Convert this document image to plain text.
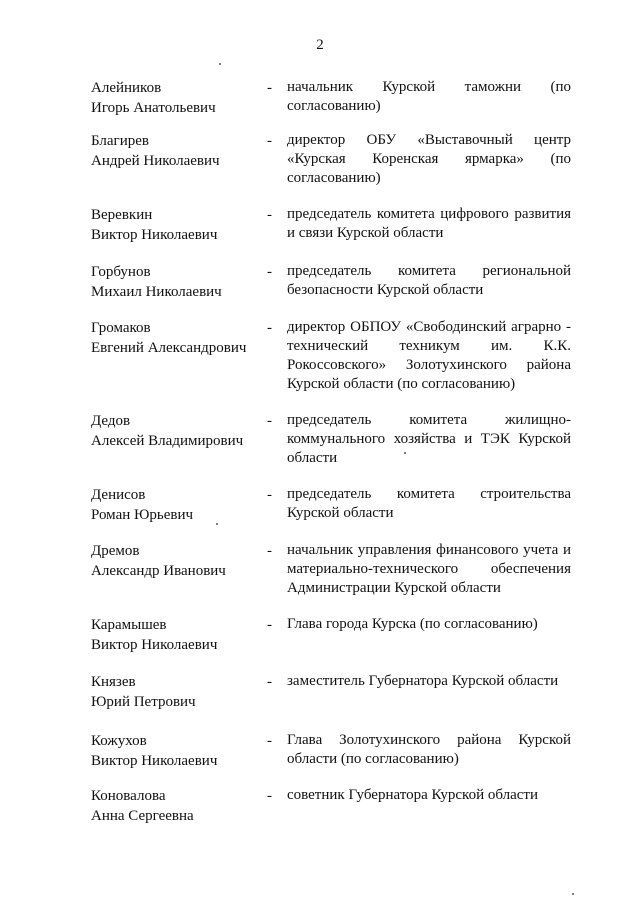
2
Алейников
Игорь Анатольевич
- начальник Курской таможни (по согласованию)
Благирев
Андрей Николаевич
- директор ОБУ «Выставочный центр «Курская Коренская ярмарка» (по согласованию)
Веревкин
Виктор Николаевич
- председатель комитета цифрового развития и связи Курской области
Горбунов
Михаил Николаевич
- председатель комитета региональной безопасности Курской области
Громаков
Евгений Александрович
- директор ОБПОУ «Свободинский аграрно - технический техникум им. К.К. Рокоссовского» Золотухинского района Курской области (по согласованию)
Дедов
Алексей Владимирович
- председатель комитета жилищно-коммунального хозяйства и ТЭК Курской области
Денисов
Роман Юрьевич
- председатель комитета строительства Курской области
Дремов
Александр Иванович
- начальник управления финансового учета и материально-технического обеспечения Администрации Курской области
Карамышев
Виктор Николаевич
- Глава города Курска (по согласованию)
Князев
Юрий Петрович
- заместитель Губернатора Курской области
Кожухов
Виктор Николаевич
- Глава Золотухинского района Курской области (по согласованию)
Коновалова
Анна Сергеевна
- советник Губернатора Курской области
